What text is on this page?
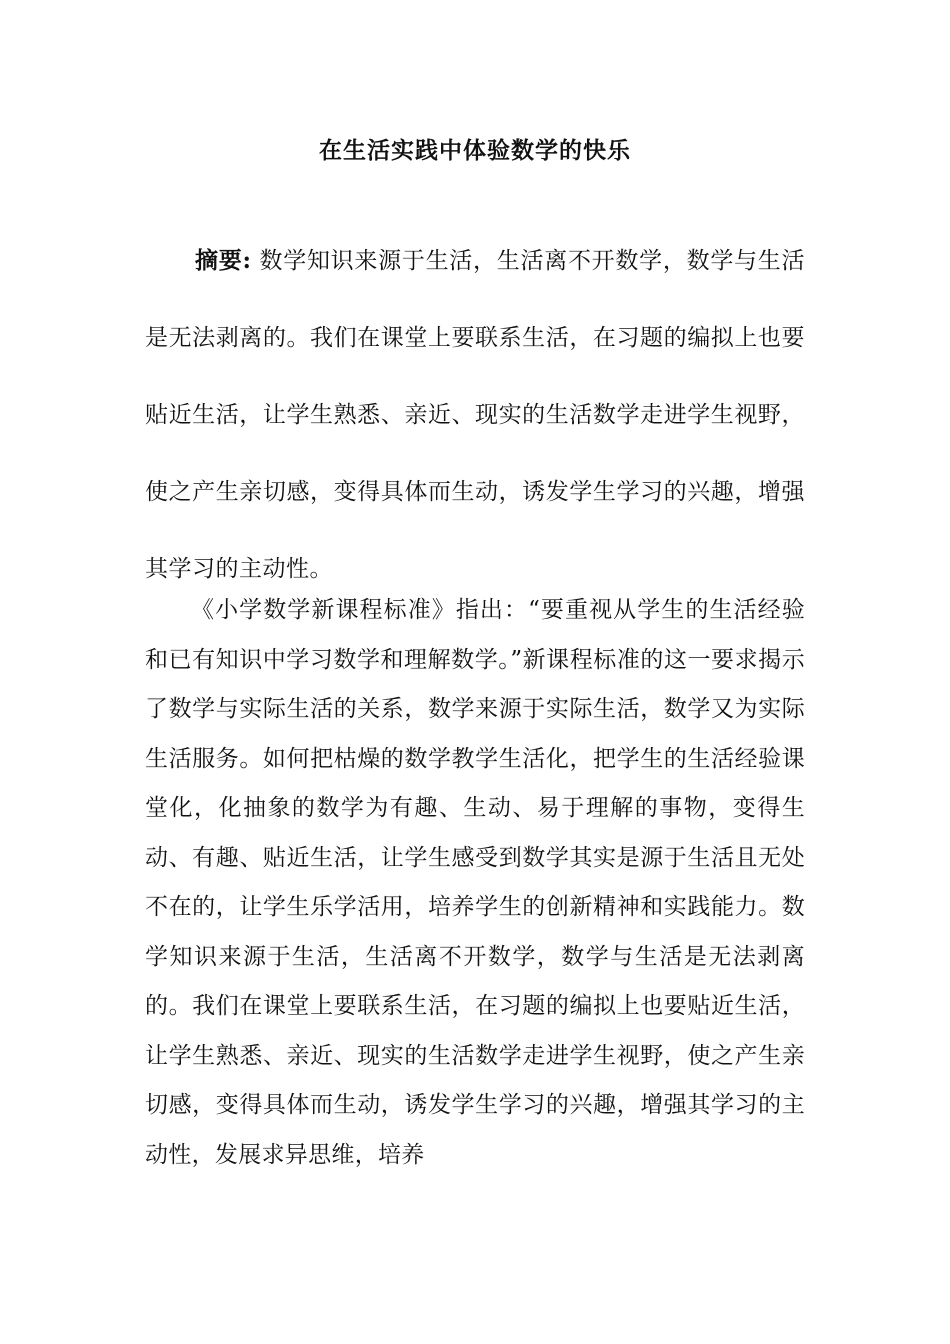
在生活实践中体验数学的快乐

摘要: 数学知识来源于生活，生活离不开数学，数学与生活是无法剥离的。我们在课堂上要联系生活，在习题的编拟上也要贴近生活，让学生熟悉、亲近、现实的生活数学走进学生视野，使之产生亲切感，变得具体而生动，诱发学生学习的兴趣，增强其学习的主动性。

《小学数学新课程标准》指出：“要重视从学生的生活经验和已有知识中学习数学和理解数学。”新课程标准的这一要求揭示了数学与实际生活的关系，数学来源于实际生活，数学又为实际生活服务。如何把枯燥的数学教学生活化，把学生的生活经验课堂化，化抽象的数学为有趣、生动、易于理解的事物，变得生动、有趣、贴近生活，让学生感受到数学其实是源于生活且无处不在的，让学生乐学活用，培养学生的创新精神和实践能力。数学知识来源于生活，生活离不开数学，数学与生活是无法剥离的。我们在课堂上要联系生活，在习题的编拟上也要贴近生活，让学生熟悉、亲近、现实的生活数学走进学生视野，使之产生亲切感，变得具体而生动，诱发学生学习的兴趣，增强其学习的主动性，发展求异思维，培养
